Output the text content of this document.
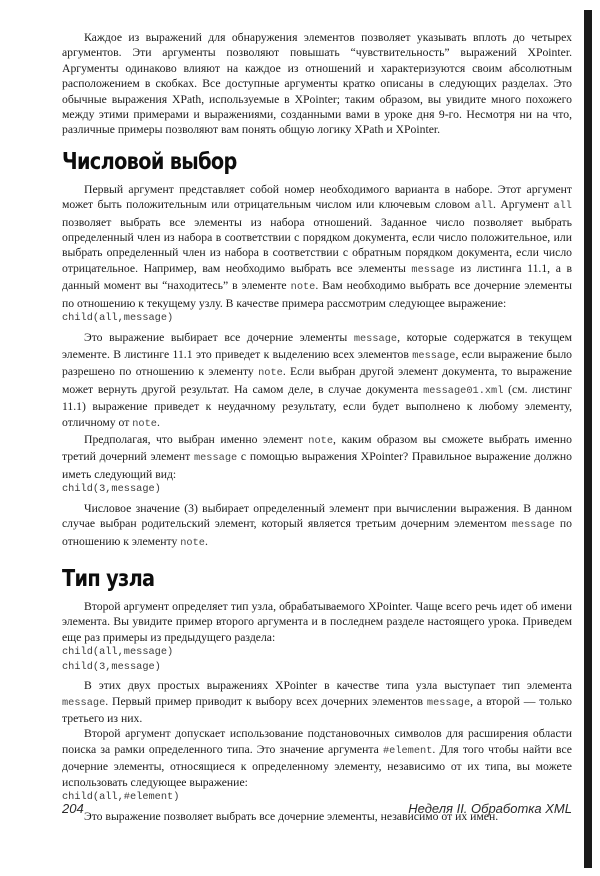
Каждое из выражений для обнаружения элементов позволяет указывать вплоть до четырех аргументов. Эти аргументы позволяют повышать “чувствительность” выражений XPointer. Аргументы одинаково влияют на каждое из отношений и характеризуются своим абсолютным расположением в скобках. Все доступные аргументы кратко описаны в следующих разделах. Это обычные выражения XPath, используемые в XPointer; таким образом, вы увидите много похожего между этими примерами и выражениями, созданными вами в уроке дня 9-го. Несмотря ни на что, различные примеры позволяют вам понять общую логику XPath и XPointer.

Числовой выбор

Первый аргумент представляет собой номер необходимого варианта в наборе. Этот аргумент может быть положительным или отрицательным числом или ключевым словом all. Аргумент all позволяет выбрать все элементы из набора отношений. Заданное число позволяет выбрать определенный член из набора в соответствии с порядком документа, если число положительное, или выбрать определенный член из набора в соответствии с обратным порядком документа, если число отрицательное. Например, вам необходимо выбрать все элементы message из листинга 11.1, а в данный момент вы “находитесь” в элементе note. Вам необходимо выбрать все дочерние элементы по отношению к текущему узлу. В качестве примера рассмотрим следующее выражение:

child(all,message)

Это выражение выбирает все дочерние элементы message, которые содержатся в текущем элементе. В листинге 11.1 это приведет к выделению всех элементов message, если выражение было разрешено по отношению к элементу note. Если выбран другой элемент документа, то выражение может вернуть другой результат. На самом деле, в случае документа message01.xml (см. листинг 11.1) выражение приведет к неудачному результату, если будет выполнено к любому элементу, отличному от note.

Предполагая, что выбран именно элемент note, каким образом вы сможете выбрать именно третий дочерний элемент message с помощью выражения XPointer? Правильное выражение должно иметь следующий вид:

child(3,message)

Числовое значение (3) выбирает определенный элемент при вычислении выражения. В данном случае выбран родительский элемент, который является третьим дочерним элементом message по отношению к элементу note.

Тип узла

Второй аргумент определяет тип узла, обрабатываемого XPointer. Чаще всего речь идет об имени элемента. Вы увидите пример второго аргумента и в последнем разделе настоящего урока. Приведем еще раз примеры из предыдущего раздела:

child(all,message)
child(3,message)

В этих двух простых выражениях XPointer в качестве типа узла выступает тип элемента message. Первый пример приводит к выбору всех дочерних элементов message, а второй — только третьего из них.

Второй аргумент допускает использование подстановочных символов для расширения области поиска за рамки определенного типа. Это значение аргумента #element. Для того чтобы найти все дочерние элементы, относящиеся к определенному элементу, независимо от их типа, вы можете использовать следующее выражение:

child(all,#element)

Это выражение позволяет выбрать все дочерние элементы, независимо от их имен.

204	Неделя II. Обработка XML
